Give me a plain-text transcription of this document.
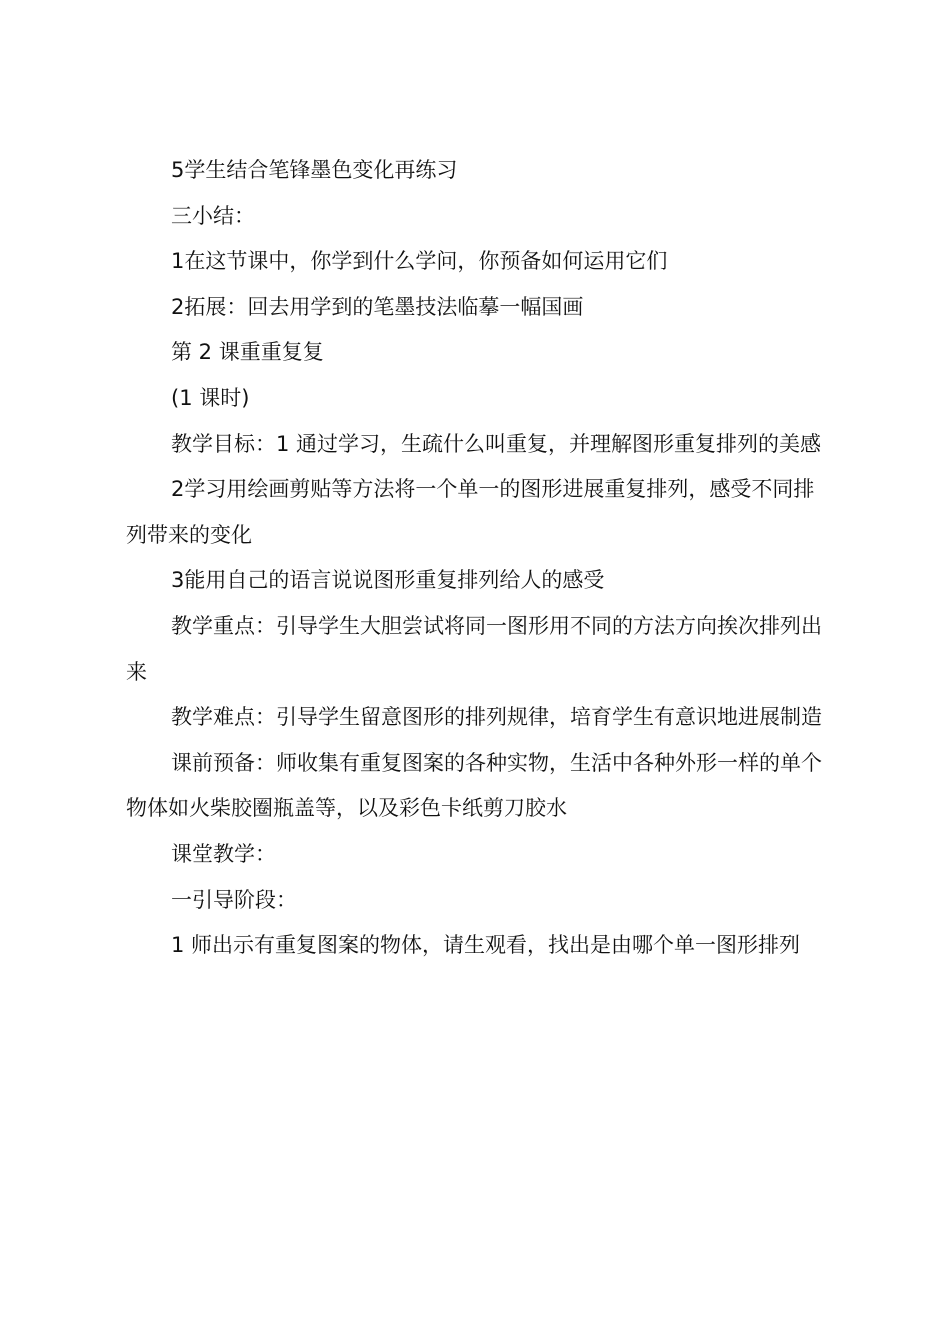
5学生结合笔锋墨色变化再练习

三小结：

1在这节课中，你学到什么学问，你预备如何运用它们

2拓展：回去用学到的笔墨技法临摹一幅国画

第 2 课重重复复

(1 课时)

教学目标：1 通过学习，生疏什么叫重复，并理解图形重复排列的美感

2学习用绘画剪贴等方法将一个单一的图形进展重复排列，感受不同排列带来的变化

3能用自己的语言说说图形重复排列给人的感受

教学重点：引导学生大胆尝试将同一图形用不同的方法方向挨次排列出来

教学难点：引导学生留意图形的排列规律，培育学生有意识地进展制造

课前预备：师收集有重复图案的各种实物，生活中各种外形一样的单个物体如火柴胶圈瓶盖等，以及彩色卡纸剪刀胶水

课堂教学：

一引导阶段：

1 师出示有重复图案的物体，请生观看，找出是由哪个单一图形排列
